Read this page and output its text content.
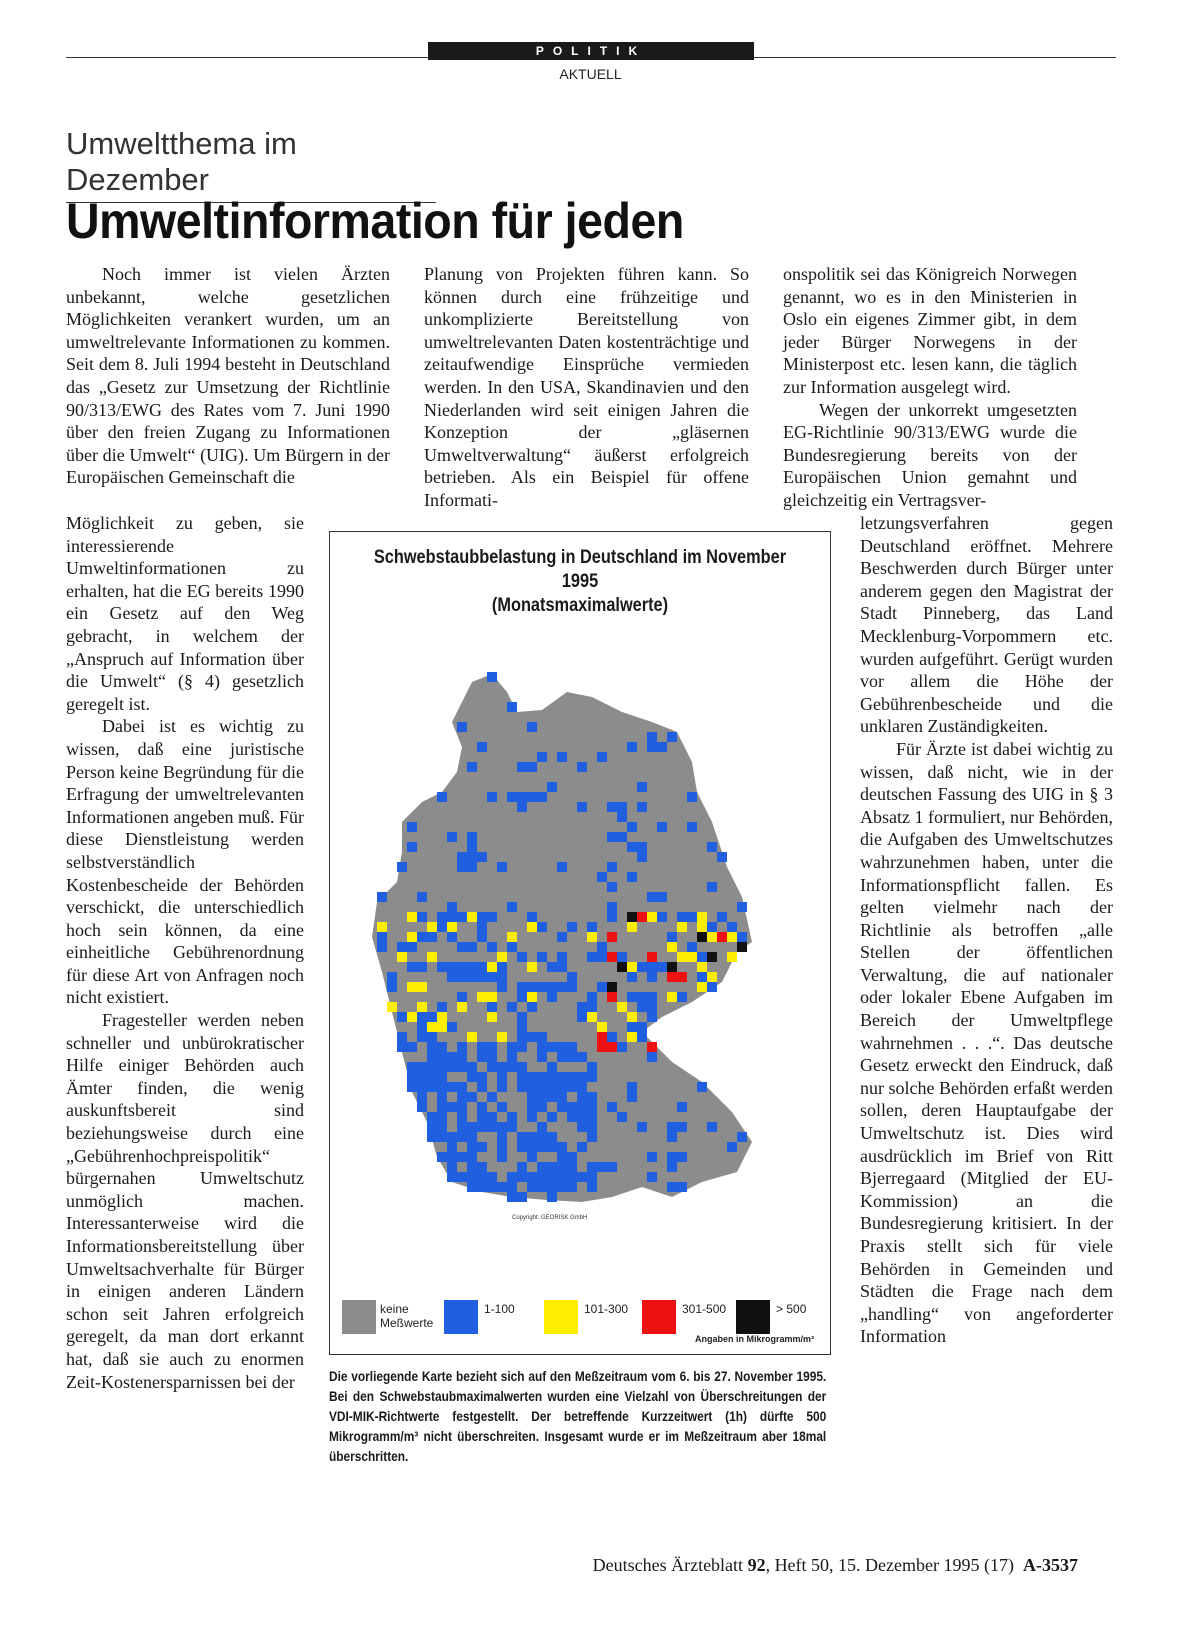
POLITIK
AKTUELL
Umweltthema im Dezember
Umweltinformation für jeden

Noch immer ist vielen Ärzten unbekannt, welche gesetzlichen Möglichkeiten verankert wurden, um an umweltrelevante Informationen zu kommen. Seit dem 8. Juli 1994 besteht in Deutschland das „Gesetz zur Umsetzung der Richtlinie 90/313/EWG des Rates vom 7. Juni 1990 über den freien Zugang zu Informationen über die Umwelt“ (UIG). Um Bürgern in der Europäischen Gemeinschaft die

Möglichkeit zu geben, sie interessierende Umweltinformationen zu erhalten, hat die EG bereits 1990 ein Gesetz auf den Weg gebracht, in welchem der „Anspruch auf Information über die Umwelt“ (§ 4) gesetzlich geregelt ist.

Dabei ist es wichtig zu wissen, daß eine juristische Person keine Begründung für die Erfragung der umweltrelevanten Informationen angeben muß. Für diese Dienstleistung werden selbstverständlich Kostenbescheide der Behörden verschickt, die unterschiedlich hoch sein können, da eine einheitliche Gebührenordnung für diese Art von Anfragen noch nicht existiert.

Fragesteller werden neben schneller und unbürokratischer Hilfe einiger Behörden auch Ämter finden, die wenig auskunftsbereit sind beziehungsweise durch eine „Gebührenhochpreispolitik“ bürgernahen Umweltschutz unmöglich machen. Interessanterweise wird die Informationsbereitstellung über Umweltsachverhalte für Bürger in einigen anderen Ländern schon seit Jahren erfolgreich geregelt, da man dort erkannt hat, daß sie auch zu enormen Zeit-Kostenersparnissen bei der

Planung von Projekten führen kann. So können durch eine frühzeitige und unkomplizierte Bereitstellung von umweltrelevanten Daten kostenträchtige und zeitaufwendige Einsprüche vermieden werden. In den USA, Skandinavien und den Niederlanden wird seit einigen Jahren die Konzeption der „gläsernen Umweltverwaltung“ äußerst erfolgreich betrieben. Als ein Beispiel für offene Informati-

onspolitik sei das Königreich Norwegen genannt, wo es in den Ministerien in Oslo ein eigenes Zimmer gibt, in dem jeder Bürger Norwegens in der Ministerpost etc. lesen kann, die täglich zur Information ausgelegt wird.

Wegen der unkorrekt umgesetzten EG-Richtlinie 90/313/EWG wurde die Bundesregierung bereits von der Europäischen Union gemahnt und gleichzeitig ein Vertragsver-

letzungsverfahren gegen Deutschland eröffnet. Mehrere Beschwerden durch Bürger unter anderem gegen den Magistrat der Stadt Pinneberg, das Land Mecklenburg-Vorpommern etc. wurden aufgeführt. Gerügt wurden vor allem die Höhe der Gebührenbescheide und die unklaren Zuständigkeiten.

Für Ärzte ist dabei wichtig zu wissen, daß nicht, wie in der deutschen Fassung des UIG in § 3 Absatz 1 formuliert, nur Behörden, die Aufgaben des Umweltschutzes wahrzunehmen haben, unter die Informationspflicht fallen. Es gelten vielmehr nach der Richtlinie als betroffen „alle Stellen der öffentlichen Verwaltung, die auf nationaler oder lokaler Ebene Aufgaben im Bereich der Umweltpflege wahrnehmen . . .“. Das deutsche Gesetz erweckt den Eindruck, daß nur solche Behörden erfaßt werden sollen, deren Hauptaufgabe der Umweltschutz ist. Dies wird ausdrücklich im Brief von Ritt Bjerregaard (Mitglied der EU-Kommission) an die Bundesregierung kritisiert. In der Praxis stellt sich für viele Behörden in Gemeinden und Städten die Frage nach dem „handling“ von angeforderter Information

Schwebstaubbelastung in Deutschland im November 1995
(Monatsmaximalwerte)
Copyright: GEORISK GmbH
keine
Meßwerte
1-100	101-300	301-500	> 500
Angaben in Mikrogramm/m³
Die vorliegende Karte bezieht sich auf den Meßzeitraum vom 6. bis 27. November 1995. Bei den Schwebstaubmaximalwerten wurden eine Vielzahl von Überschreitungen der VDI-MIK-Richtwerte festgestellt. Der betreffende Kurzzeitwert (1h) dürfte 500 Mikrogramm/m³ nicht überschreiten. Insgesamt wurde er im Meßzeitraum aber 18mal überschritten.
Deutsches Ärzteblatt 92, Heft 50, 15. Dezember 1995 (17) A-3537
